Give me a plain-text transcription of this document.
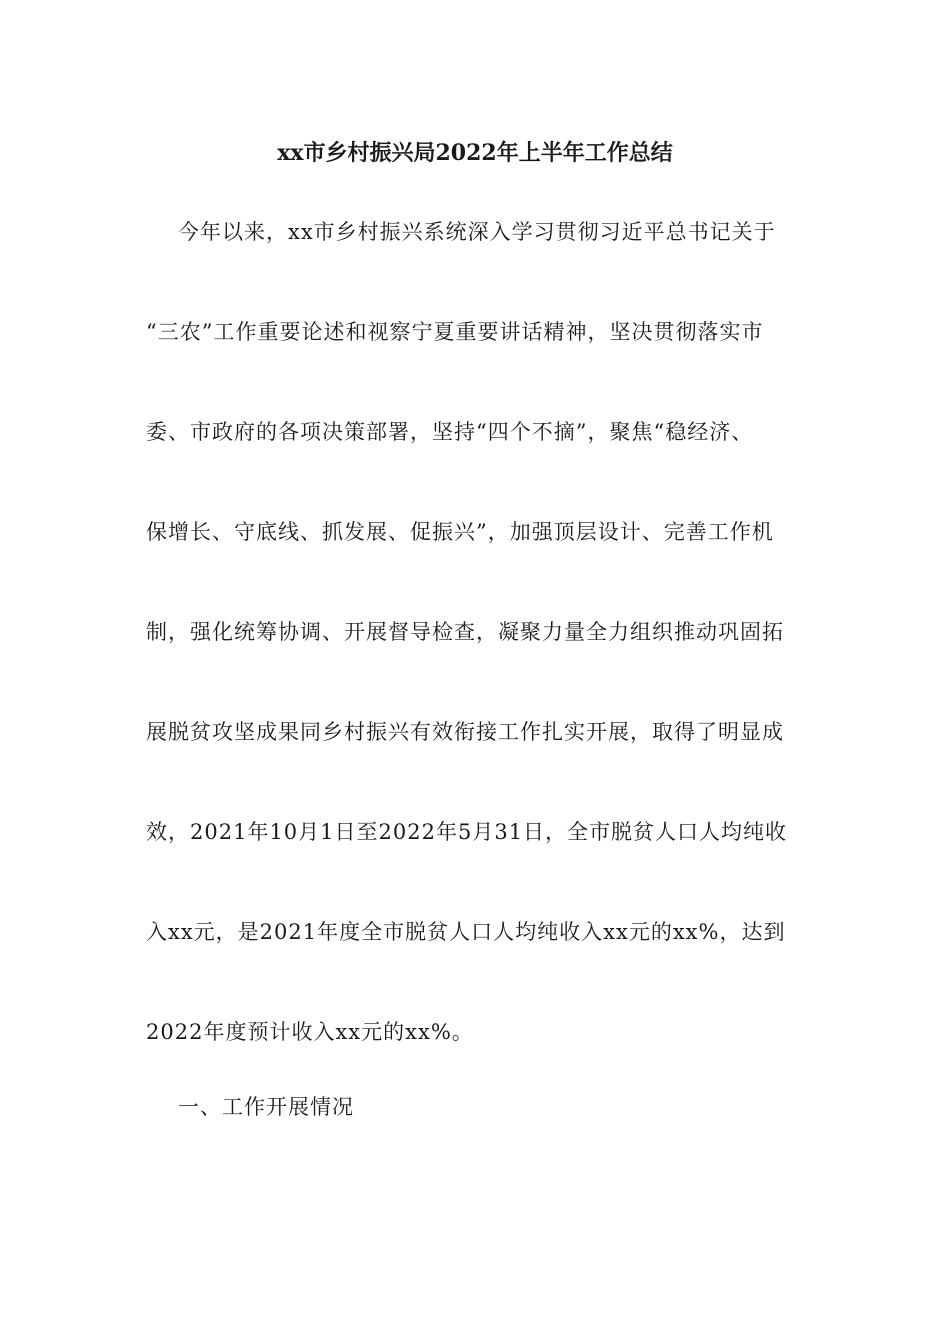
xx市乡村振兴局2022年上半年工作总结

今年以来，xx市乡村振兴系统深入学习贯彻习近平总书记关于

“三农”工作重要论述和视察宁夏重要讲话精神，坚决贯彻落实市

委、市政府的各项决策部署，坚持“四个不摘”，聚焦“稳经济、

保增长、守底线、抓发展、促振兴”，加强顶层设计、完善工作机

制，强化统筹协调、开展督导检查，凝聚力量全力组织推动巩固拓

展脱贫攻坚成果同乡村振兴有效衔接工作扎实开展，取得了明显成

效，2021年10月1日至2022年5月31日，全市脱贫人口人均纯收

入xx元，是2021年度全市脱贫人口人均纯收入xx元的xx%，达到

2022年度预计收入xx元的xx%。

一、工作开展情况
